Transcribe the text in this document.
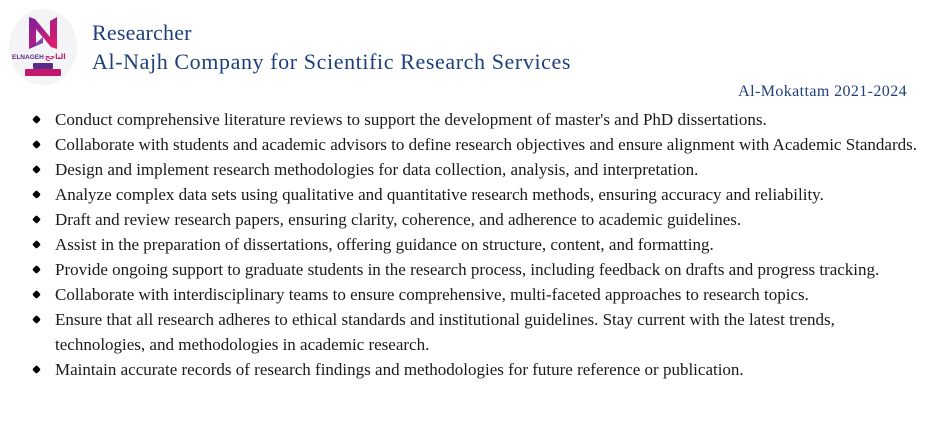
ELNAGEH الناجح
Researcher
Al-Najh Company for Scientific Research Services
Al-Mokattam 2021-2024
Conduct comprehensive literature reviews to support the development of master's and PhD dissertations.
Collaborate with students and academic advisors to define research objectives and ensure alignment with Academic Standards.
Design and implement research methodologies for data collection, analysis, and interpretation.
Analyze complex data sets using qualitative and quantitative research methods, ensuring accuracy and reliability.
Draft and review research papers, ensuring clarity, coherence, and adherence to academic guidelines.
Assist in the preparation of dissertations, offering guidance on structure, content, and formatting.
Provide ongoing support to graduate students in the research process, including feedback on drafts and progress tracking.
Collaborate with interdisciplinary teams to ensure comprehensive, multi-faceted approaches to research topics.
Ensure that all research adheres to ethical standards and institutional guidelines. Stay current with the latest trends, technologies, and methodologies in academic research.
Maintain accurate records of research findings and methodologies for future reference or publication.
